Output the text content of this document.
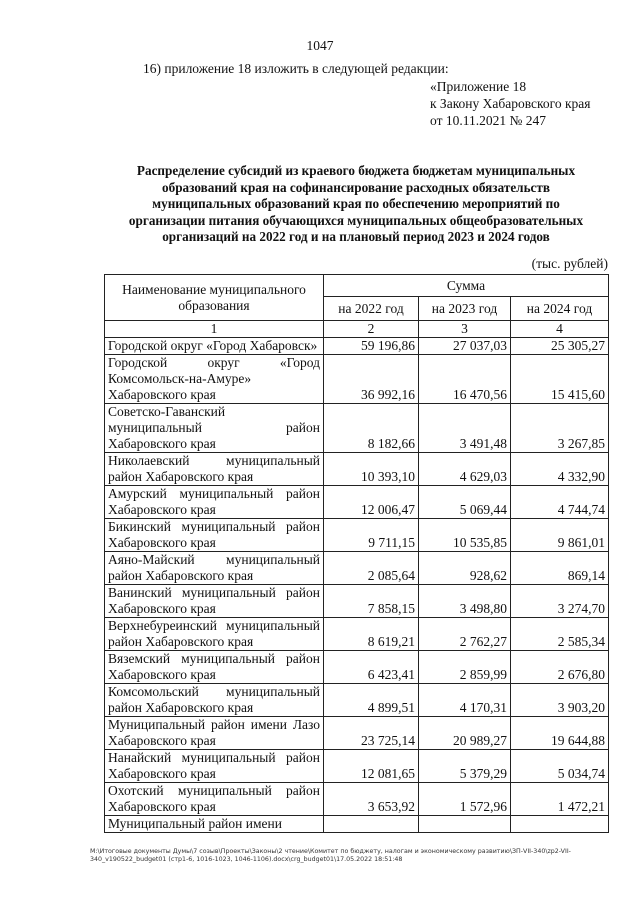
1047
16) приложение 18 изложить в следующей редакции:
«Приложение 18
к Закону Хабаровского края
от 10.11.2021 № 247
Распределение субсидий из краевого бюджета бюджетам муниципальных
образований края на софинансирование расходных обязательств
муниципальных образований края по обеспечению мероприятий по
организации питания обучающихся муниципальных общеобразовательных
организаций на 2022 год и на плановый период 2023 и 2024 годов
(тыс. рублей)
Наименование муниципального образования	Сумма		
	на 2022 год	на 2023 год	на 2024 год
1	2	3	4
Городской округ «Город Хабаровск»	59 196,86	27 037,03	25 305,27
Городской округ «Город Комсомольск-на-Амуре» Хабаровского края	36 992,16	16 470,56	15 415,60
Советско-Гаванский муниципальный район Хабаровского края	8 182,66	3 491,48	3 267,85
Николаевский муниципальный район Хабаровского края	10 393,10	4 629,03	4 332,90
Амурский муниципальный район Хабаровского края	12 006,47	5 069,44	4 744,74
Бикинский муниципальный район Хабаровского края	9 711,15	10 535,85	9 861,01
Аяно-Майский муниципальный район Хабаровского края	2 085,64	928,62	869,14
Ванинский муниципальный район Хабаровского края	7 858,15	3 498,80	3 274,70
Верхнебуреинский муниципальный район Хабаровского края	8 619,21	2 762,27	2 585,34
Вяземский муниципальный район Хабаровского края	6 423,41	2 859,99	2 676,80
Комсомольский муниципальный район Хабаровского края	4 899,51	4 170,31	3 903,20
Муниципальный район имени Лазо Хабаровского края	23 725,14	20 989,27	19 644,88
Нанайский муниципальный район Хабаровского края	12 081,65	5 379,29	5 034,74
Охотский муниципальный район Хабаровского края	3 653,92	1 572,96	1 472,21
Муниципальный район имени			
M:\Итоговые документы Думы\7 созыв\Проекты\Законы\2 чтение\Комитет по бюджету, налогам и экономическому развитию\ЗП-VII-340\zp2-VII-340_v190522_budget01 (стр1-6, 1016-1023, 1046-1106).docx\crg_budget01\17.05.2022 18:51:48
